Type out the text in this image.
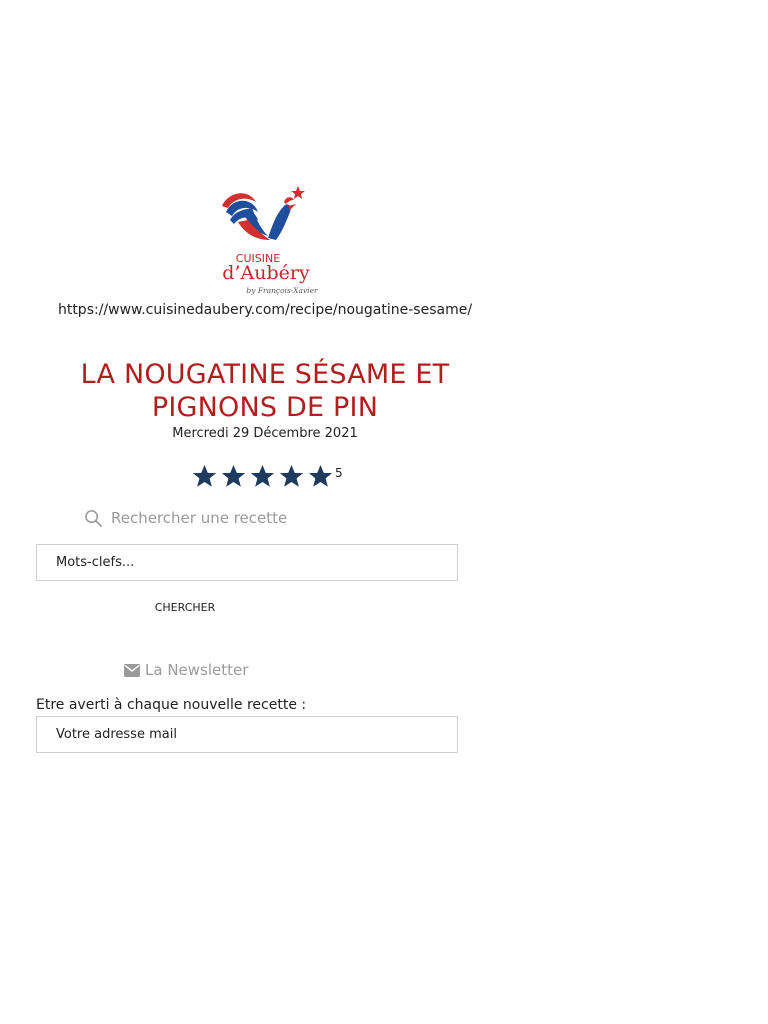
CUISINE
d’Aubéry
by François-Xavier
https://www.cuisinedaubery.com/recipe/nougatine-sesame/
LA NOUGATINE SÉSAME ET PIGNONS DE PIN
Mercredi 29 Décembre 2021
5
Rechercher une recette
Mots-clefs...
CHERCHER
La Newsletter
Etre averti à chaque nouvelle recette :
Votre adresse mail
